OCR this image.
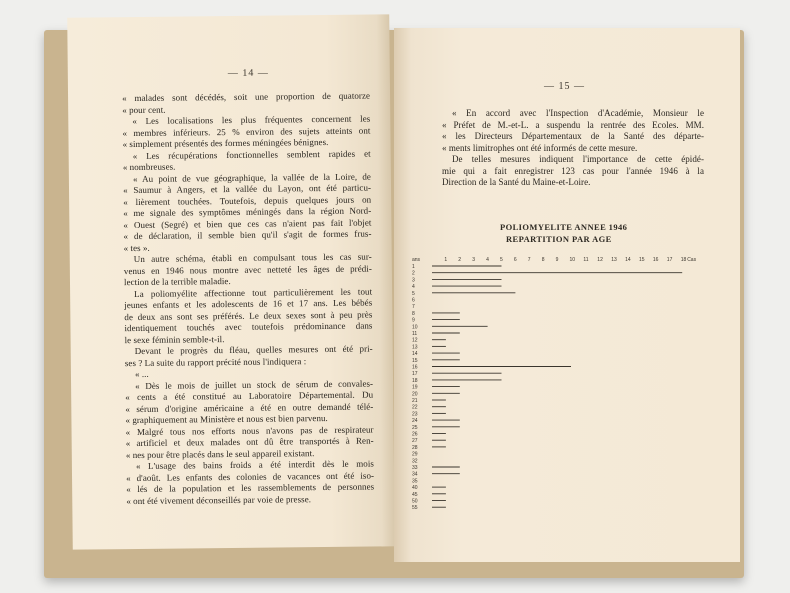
— 14 —
« malades sont décédés, soit une proportion de quatorze
« pour cent.
« Les localisations les plus fréquentes concernent les
« membres inférieurs. 25 % environ des sujets atteints ont
« simplement présentés des formes méningées bénignes.
« Les récupérations fonctionnelles semblent rapides et
« nombreuses.
« Au point de vue géographique, la vallée de la Loire, de
« Saumur à Angers, et la vallée du Layon, ont été particu-
« lièrement touchées. Toutefois, depuis quelques jours on
« me signale des symptômes méningés dans la région Nord-
« Ouest (Segré) et bien que ces cas n'aient pas fait l'objet
« de déclaration, il semble bien qu'il s'agit de formes frus-
« tes ».
Un autre schéma, établi en compulsant tous les cas sur-
venus en 1946 nous montre avec netteté les âges de prédi-
lection de la terrible maladie.
La poliomyélite affectionne tout particulièrement les tout
jeunes enfants et les adolescents de 16 et 17 ans. Les bébés
de deux ans sont ses préférés. Le deux sexes sont à peu près
identiquement touchés avec toutefois prédominance dans
le sexe féminin semble-t-il.
Devant le progrès du fléau, quelles mesures ont été pri-
ses ? La suite du rapport précité nous l'indiquera :
« ...
« Dès le mois de juillet un stock de sérum de convales-
« cents a été constitué au Laboratoire Départemental. Du
« sérum d'origine américaine a été en outre demandé télé-
« graphiquement au Ministère et nous est bien parvenu.
« Malgré tous nos efforts nous n'avons pas de respirateur
« artificiel et deux malades ont dû être transportés à Ren-
« nes pour être placés dans le seul appareil existant.
« L'usage des bains froids a été interdit dès le mois
« d'août. Les enfants des colonies de vacances ont été iso-
« lés de la population et les rassemblements de personnes
« ont été vivement déconseillés par voie de presse.
— 15 —
« En accord avec l'Inspection d'Académie, Monsieur le
« Préfet de M.-et-L. a suspendu la rentrée des Ecoles. MM.
« les Directeurs Départementaux de la Santé des départe-
« ments limitrophes ont été informés de cette mesure.
De telles mesures indiquent l'importance de cette épidé-
mie qui a fait enregistrer 123 cas pour l'année 1946 à la
Direction de la Santé du Maine-et-Loire.
POLIOMYELITE ANNEE 1946
REPARTITION PAR AGE
ans	1 2 3 4 5 6 7 8 9 10 11 12 13 14 15 16 17 18 Cas
1
2
3
4
5
6
7
8
9
10
11
12
13
14
15
16
17
18
19
20
21
22
23
24
25
26
27
28
29
32
33
34
35
40
45
50
55
